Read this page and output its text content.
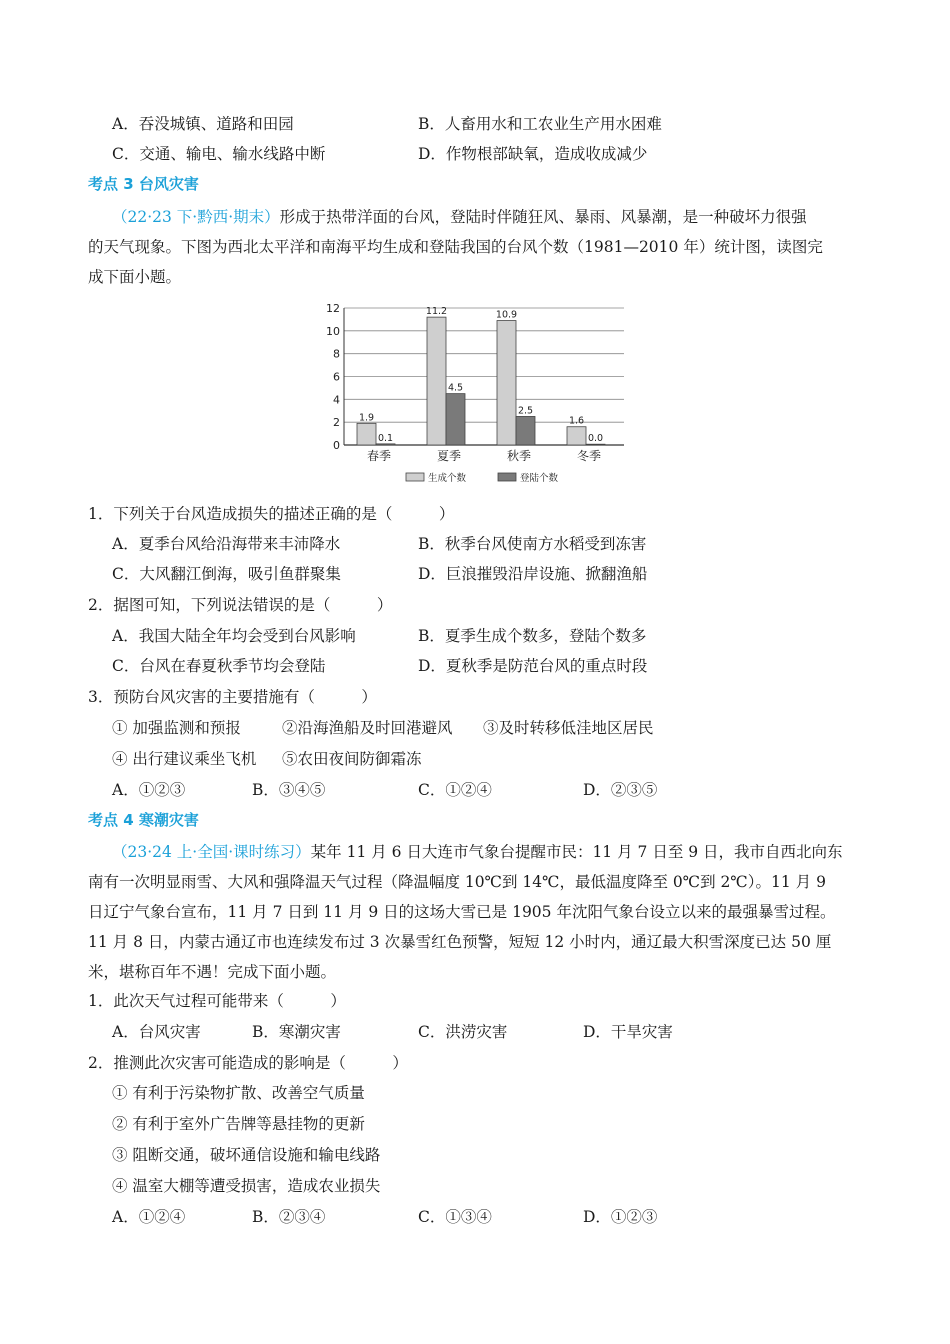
A．吞没城镇、道路和田园	B．人畜用水和工农业生产用水困难
C．交通、输电、输水线路中断	D．作物根部缺氧，造成收成减少
考点 3 台风灾害
（22·23 下·黔西·期末）形成于热带洋面的台风，登陆时伴随狂风、暴雨、风暴潮，是一种破坏力很强
的天气现象。下图为西北太平洋和南海平均生成和登陆我国的台风个数（1981—2010 年）统计图，读图完
成下面小题。
1.9
0.1
11.2
4.5
10.9
2.5
1.6
0.0
0
2
4
6
8
10
12
春季	夏季	秋季	冬季
生成个数	登陆个数
1．下列关于台风造成损失的描述正确的是（　　　）
A．夏季台风给沿海带来丰沛降水	B．秋季台风使南方水稻受到冻害
C．大风翻江倒海，吸引鱼群聚集	D．巨浪摧毁沿岸设施、掀翻渔船
2．据图可知，下列说法错误的是（　　　）
A．我国大陆全年均会受到台风影响	B．夏季生成个数多，登陆个数多
C．台风在春夏秋季节均会登陆	D．夏秋季是防范台风的重点时段
3．预防台风灾害的主要措施有（　　　）
① 加强监测和预报	②沿海渔船及时回港避风 ③及时转移低洼地区居民
④ 出行建议乘坐飞机 ⑤农田夜间防御霜冻
A．①②③	B．③④⑤	C．①②④	D．②③⑤
考点 4 寒潮灾害
（23·24 上·全国·课时练习）某年 11 月 6 日大连市气象台提醒市民：11 月 7 日至 9 日，我市自西北向东
南有一次明显雨雪、大风和强降温天气过程（降温幅度 10℃到 14℃，最低温度降至 0℃到 2℃）。11 月 9
日辽宁气象台宣布，11 月 7 日到 11 月 9 日的这场大雪已是 1905 年沈阳气象台设立以来的最强暴雪过程。
11 月 8 日，内蒙古通辽市也连续发布过 3 次暴雪红色预警，短短 12 小时内，通辽最大积雪深度已达 50 厘
米，堪称百年不遇！完成下面小题。
1．此次天气过程可能带来（　　　）
A．台风灾害	B．寒潮灾害	C．洪涝灾害	D．干旱灾害
2．推测此次灾害可能造成的影响是（　　　）
① 有利于污染物扩散、改善空气质量
② 有利于室外广告牌等悬挂物的更新
③ 阻断交通，破坏通信设施和输电线路
④ 温室大棚等遭受损害，造成农业损失
A．①②④	B．②③④	C．①③④	D．①②③
